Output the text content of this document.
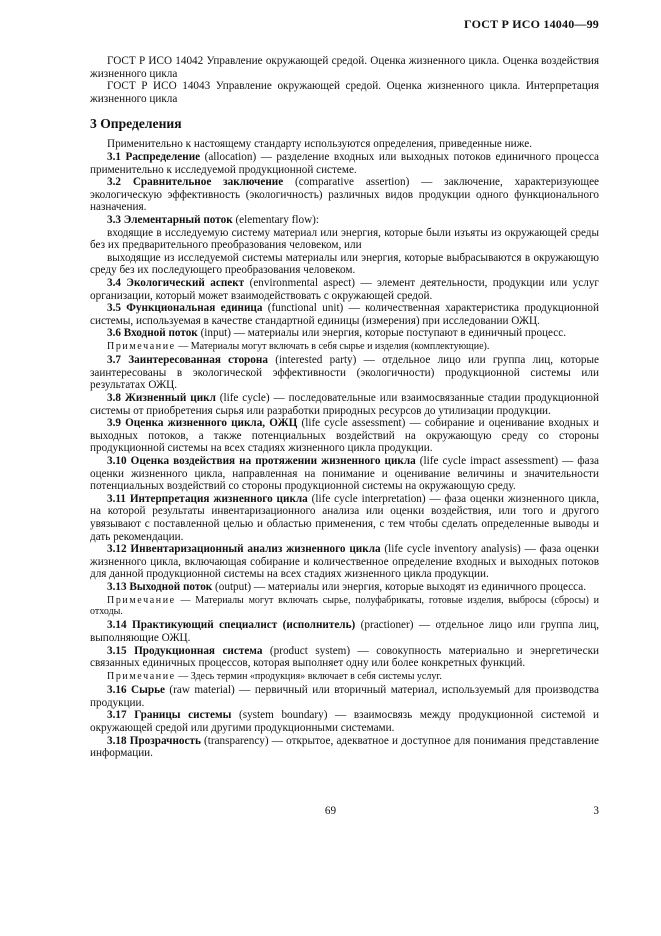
ГОСТ Р ИСО 14040—99

ГОСТ Р ИСО 14042 Управление окружающей средой. Оценка жизненного цикла. Оценка воздействия жизненного цикла

ГОСТ Р ИСО 14043 Управление окружающей средой. Оценка жизненного цикла. Интерпретация жизненного цикла

3 Определения

Применительно к настоящему стандарту используются определения, приведенные ниже.

3.1 Распределение (allocation) — разделение входных или выходных потоков единичного процесса применительно к исследуемой продукционной системе.

3.2 Сравнительное заключение (comparative assertion) — заключение, характеризующее экологическую эффективность (экологичность) различных видов продукции одного функционального назначения.

3.3 Элементарный поток (elementary flow):

входящие в исследуемую систему материал или энергия, которые были изъяты из окружающей среды без их предварительного преобразования человеком, или

выходящие из исследуемой системы материалы или энергия, которые выбрасываются в окружающую среду без их последующего преобразования человеком.

3.4 Экологический аспект (environmental aspect) — элемент деятельности, продукции или услуг организации, который может взаимодействовать с окружающей средой.

3.5 Функциональная единица (functional unit) — количественная характеристика продукционной системы, используемая в качестве стандартной единицы (измерения) при исследовании ОЖЦ.

3.6 Входной поток (input) — материалы или энергия, которые поступают в единичный процесс.

Примечание — Материалы могут включать в себя сырье и изделия (комплектующие).

3.7 Заинтересованная сторона (interested party) — отдельное лицо или группа лиц, которые заинтересованы в экологической эффективности (экологичности) продукционной системы или результатах ОЖЦ.

3.8 Жизненный цикл (life cycle) — последовательные или взаимосвязанные стадии продукционной системы от приобретения сырья или разработки природных ресурсов до утилизации продукции.

3.9 Оценка жизненного цикла, ОЖЦ (life cycle assessment) — собирание и оценивание входных и выходных потоков, а также потенциальных воздействий на окружающую среду со стороны продукционной системы на всех стадиях жизненного цикла продукции.

3.10 Оценка воздействия на протяжении жизненного цикла (life cycle impact assessment) — фаза оценки жизненного цикла, направленная на понимание и оценивание величины и значительности потенциальных воздействий со стороны продукционной системы на окружающую среду.

3.11 Интерпретация жизненного цикла (life cycle interpretation) — фаза оценки жизненного цикла, на которой результаты инвентаризационного анализа или оценки воздействия, или того и другого увязывают с поставленной целью и областью применения, с тем чтобы сделать определенные выводы и дать рекомендации.

3.12 Инвентаризационный анализ жизненного цикла (life cycle inventory analysis) — фаза оценки жизненного цикла, включающая собирание и количественное определение входных и выходных потоков для данной продукционной системы на всех стадиях жизненного цикла продукции.

3.13 Выходной поток (output) — материалы или энергия, которые выходят из единичного процесса.

Примечание — Материалы могут включать сырье, полуфабрикаты, готовые изделия, выбросы (сбросы) и отходы.

3.14 Практикующий специалист (исполнитель) (practioner) — отдельное лицо или группа лиц, выполняющие ОЖЦ.

3.15 Продукционная система (product system) — совокупность материально и энергетически связанных единичных процессов, которая выполняет одну или более конкретных функций.

Примечание — Здесь термин «продукция» включает в себя системы услуг.

3.16 Сырье (raw material) — первичный или вторичный материал, используемый для производства продукции.

3.17 Границы системы (system boundary) — взаимосвязь между продукционной системой и окружающей средой или другими продукционными системами.

3.18 Прозрачность (transparency) — открытое, адекватное и доступное для понимания представление информации.

69	3
